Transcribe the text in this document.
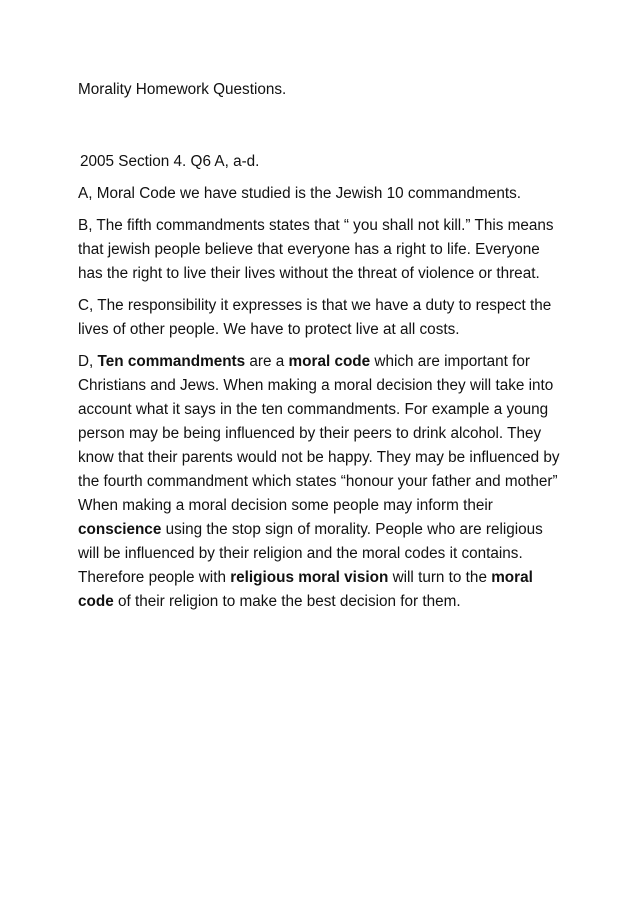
Morality Homework Questions.

2005 Section 4. Q6 A, a-d.

A, Moral Code we have studied is the Jewish 10 commandments.

B, The fifth commandments states that “ you shall not kill.” This means that jewish people believe that everyone has a right to life. Everyone has the right to live their lives without the threat of violence or threat.

C, The responsibility it expresses is that we have a duty to respect the lives of other people. We have to protect live at all costs.

D, Ten commandments are a moral code which are important for Christians and Jews. When making a moral decision they will take into account what it says in the ten commandments. For example a young person may be being influenced by their peers to drink alcohol. They know that their parents would not be happy. They may be influenced by the fourth commandment which states “honour your father and mother” When making a moral decision some people may inform their conscience using the stop sign of morality. People who are religious will be influenced by their religion and the moral codes it contains. Therefore people with religious moral vision will turn to the moral code of their religion to make the best decision for them.
